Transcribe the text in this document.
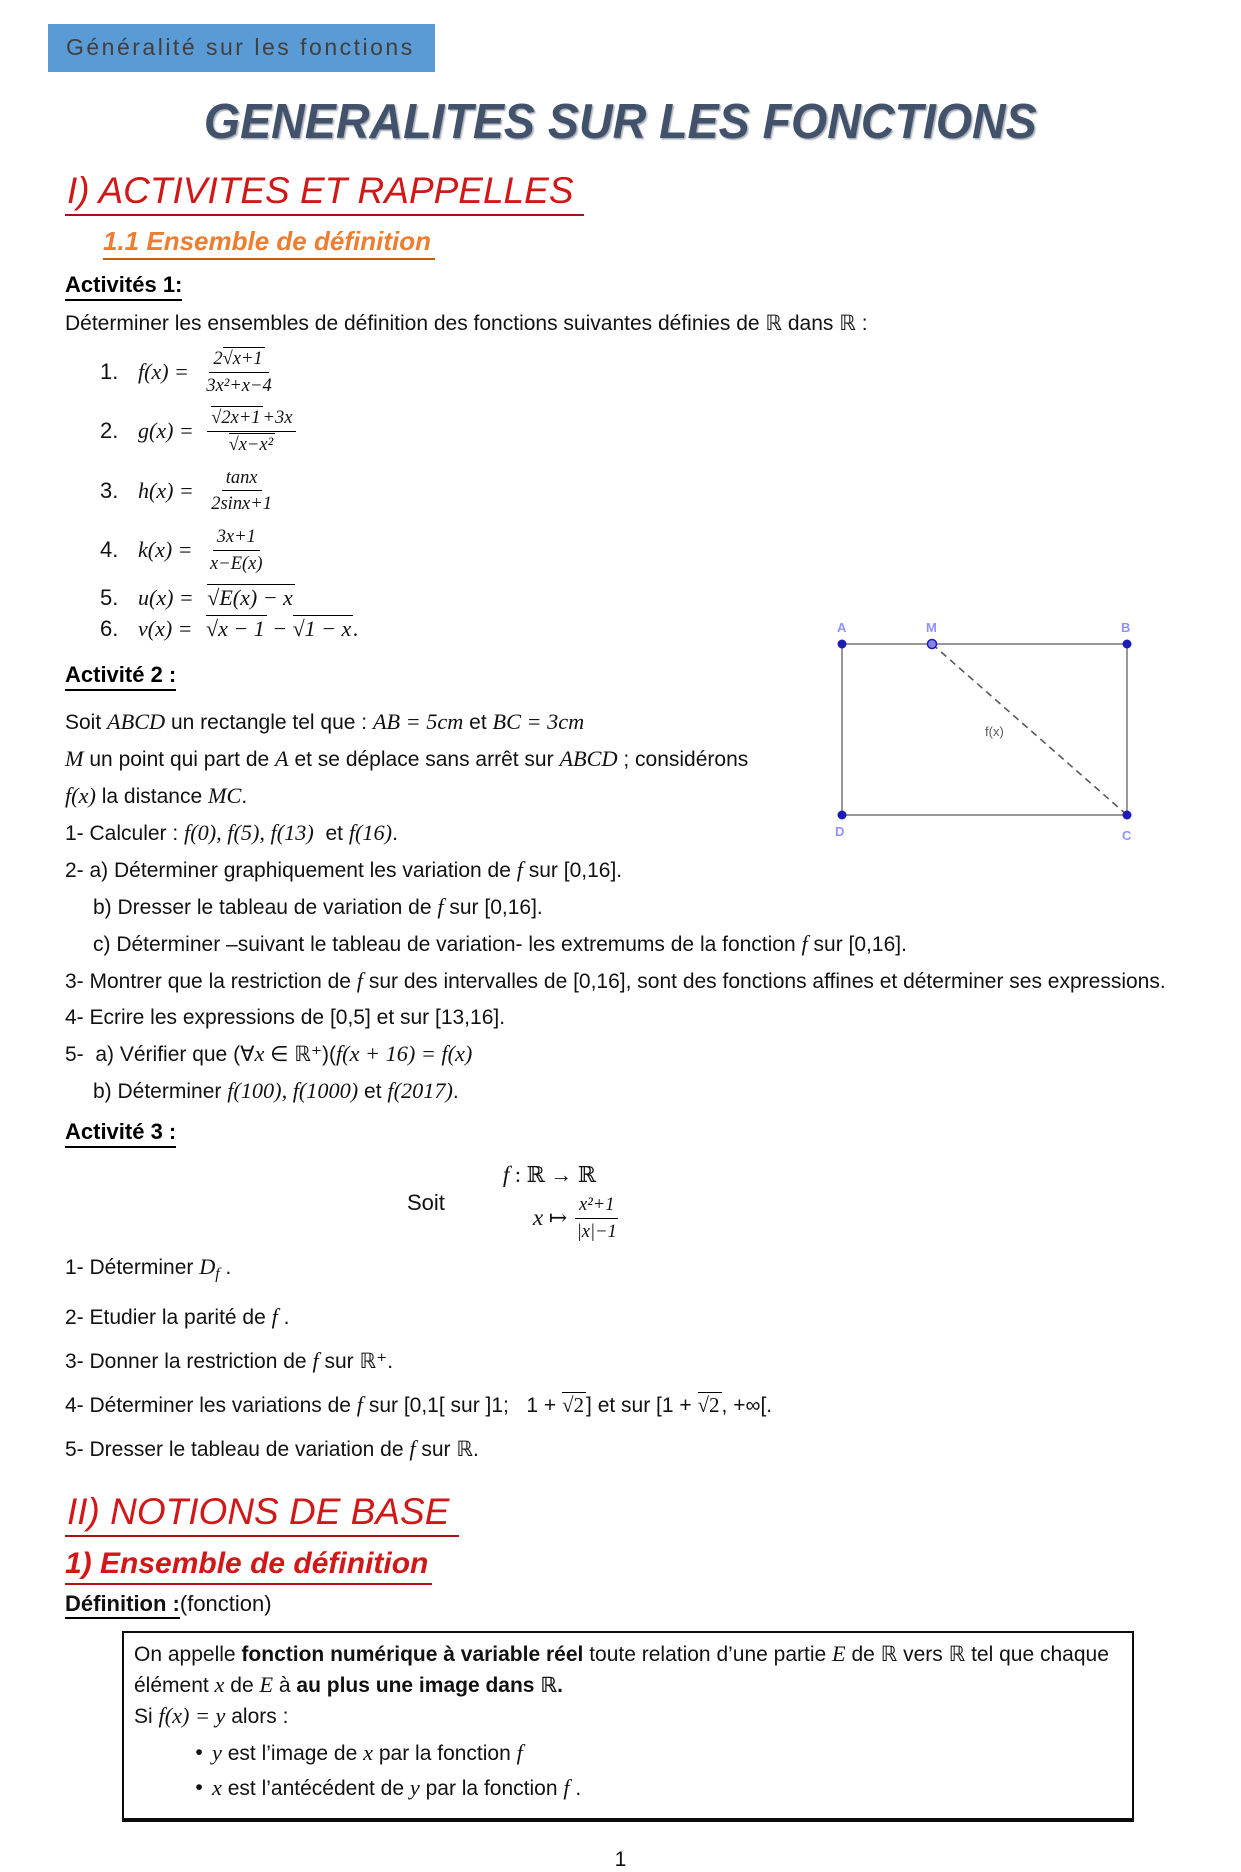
Généralité sur les fonctions
GENERALITES SUR LES FONCTIONS
I) ACTIVITES ET RAPPELLES
1.1 Ensemble de définition
Activités 1:
Déterminer les ensembles de définition des fonctions suivantes définies de ℝ dans ℝ :
1. $f(x) = \frac{2 √ x+1}{\text{3x²+x−4}}$
2. g(x) = √ 2x+1 +3x
√ x−x²
3. $h(x) = \frac{\tan x}{2\sin x+1}$
4. $k(x) = \frac{3x+1}{x-E(x)}$
5. u(x) = √ E(x) − x
6. v(x) = √ x − 1 − √ 1 − x.
Activité 2 :
Soit ABCD un rectangle tel que : AB = 5cm et BC = 3cm
M un point qui part de A et se déplace sans arrêt sur ABCD ; considérons
f(x) la distance MC.
1- Calculer : f(0), f(5), f(13)  et f(16).
2- a) Déterminer graphiquement les variation de f sur [0,16].
b) Dresser le tableau de variation de f sur [0,16].
c) Déterminer –suivant le tableau de variation- les extremums de la fonction f sur [0,16].
3- Montrer que la restriction de f sur des intervalles de [0,16], sont des fonctions affines et déterminer ses expressions.
4- Ecrire les expressions de [0,5] et sur [13,16].
5-  a) Vérifier que (∀x ∈ ℝ⁺)(f(x + 16) = f(x)
b) Déterminer f(100), f(1000) et f(2017).
Activité 3 :
Soit
f : ℝ → ℝ
x ↦ $\frac{\text{x²+1}}{|x|-1}$
1- Déterminer $D_f$ .
2- Etudier la parité de f .
3- Donner la restriction de f sur ℝ⁺.
4- Déterminer les variations de f sur [0,1[ sur ]1;   1 + √ 2] et sur [1 + √ 2, +∞[.
5- Dresser le tableau de variation de f sur ℝ.
II) NOTIONS DE BASE
1) Ensemble de définition
Définition :(fonction)
On appelle fonction numérique à variable réel toute relation d’une partie E de ℝ vers ℝ tel que chaque élément x de E à au plus une image dans ℝ.
Si f(x) = y alors :
• y est l’image de x par la fonction f
• x est l’antécédent de y par la fonction f .
1
A	M	B
D	C
f(x)
